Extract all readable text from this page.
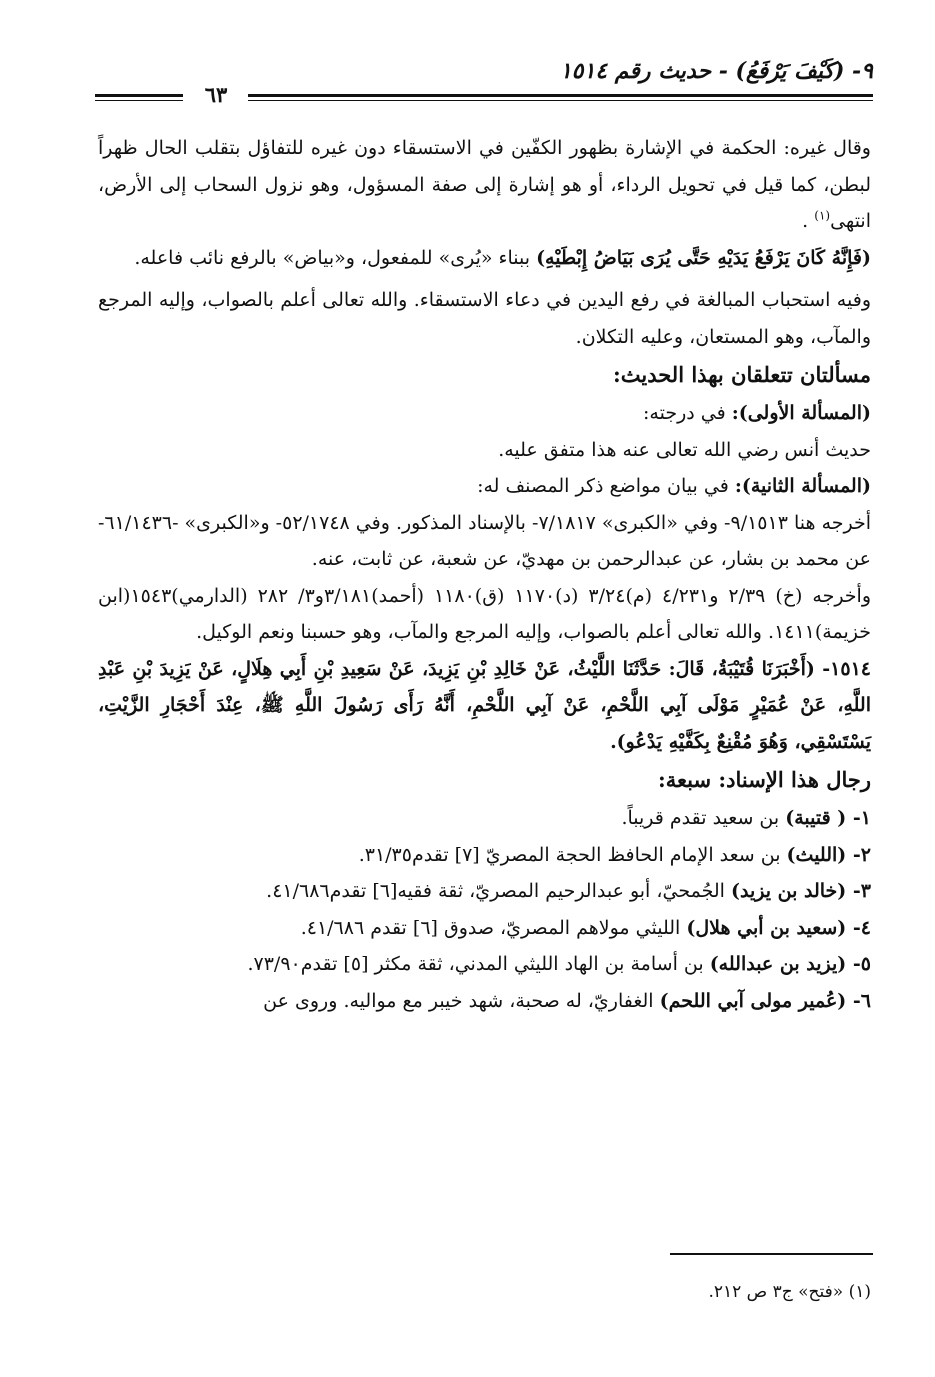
٩- (كَيْفَ يَرْفَعُ) - حديث رقم ١٥١٤
٦٣

وقال غيره: الحكمة في الإشارة بظهور الكفّين في الاستسقاء دون غيره للتفاؤل بتقلب الحال ظهراً لبطن، كما قيل في تحويل الرداء، أو هو إشارة إلى صفة المسؤول، وهو نزول السحاب إلى الأرض، انتهى$^{(١)}$ .

(فَإِنَّهُ كَانَ يَرْفَعُ يَدَيْهِ حَتَّى يُرَى بَيَاضُ إِبْطَيْهِ) ببناء «يُرى» للمفعول، و«بياض» بالرفع نائب فاعله.

وفيه استحباب المبالغة في رفع اليدين في دعاء الاستسقاء. والله تعالى أعلم بالصواب، وإليه المرجع والمآب، وهو المستعان، وعليه التكلان.

مسألتان تتعلقان بهذا الحديث:

(المسألة الأولى): في درجته:

حديث أنس رضي الله تعالى عنه هذا متفق عليه.

(المسألة الثانية): في بيان مواضع ذكر المصنف له:

أخرجه هنا ٩/١٥١٣- وفي «الكبرى» ٧/١٨١٧- بالإسناد المذكور. وفي ٥٢/١٧٤٨- و«الكبرى» -٦١/١٤٣٦- عن محمد بن بشار، عن عبدالرحمن بن مهديّ، عن شعبة، عن ثابت، عنه.

وأخرجه (خ) ٢/٣٩ و٤/٢٣١ (م)٣/٢٤ (د)١١٧٠ (ق)١١٨٠ (أحمد)٣/١٨١و٣/ ٢٨٢ (الدارمي)١٥٤٣(ابن خزيمة)١٤١١. والله تعالى أعلم بالصواب، وإليه المرجع والمآب، وهو حسبنا ونعم الوكيل.

١٥١٤- (أَخْبَرَنَا قُتَيْبَةُ، قَالَ: حَدَّثَنَا اللَّيْثُ، عَنْ خَالِدِ بْنِ يَزِيدَ، عَنْ سَعِيدِ بْنِ أَبِي هِلَالٍ، عَنْ يَزِيدَ بْنِ عَبْدِ اللَّهِ، عَنْ عُمَيْرٍ مَوْلَى آبِي اللَّحْمِ، عَنْ آبِي اللَّحْمِ، أَنَّهُ رَأَى رَسُولَ اللَّهِ ﷺ، عِنْدَ أَحْجَارِ الزَّيْتِ، يَسْتَسْقِي، وَهُوَ مُقْنِعٌ بِكَفَّيْهِ يَدْعُو).

رجال هذا الإسناد: سبعة:

١- ( قتيبة) بن سعيد تقدم قريباً.

٢- (الليث) بن سعد الإمام الحافظ الحجة المصريّ [٧] تقدم٣١/٣٥.

٣- (خالد بن يزيد) الجُمحيّ، أبو عبدالرحيم المصريّ، ثقة فقيه[٦] تقدم٤١/٦٨٦.

٤- (سعيد بن أبي هلال) الليثي مولاهم المصريّ، صدوق [٦] تقدم ٤١/٦٨٦.

٥- (يزيد بن عبدالله) بن أسامة بن الهاد الليثي المدني، ثقة مكثر [٥] تقدم٧٣/٩٠.

٦- (عُمير مولى آبي اللحم) الغفاريّ، له صحبة، شهد خيبر مع مواليه. وروى عن

(١) «فتح» ج٣ ص ٢١٢.
